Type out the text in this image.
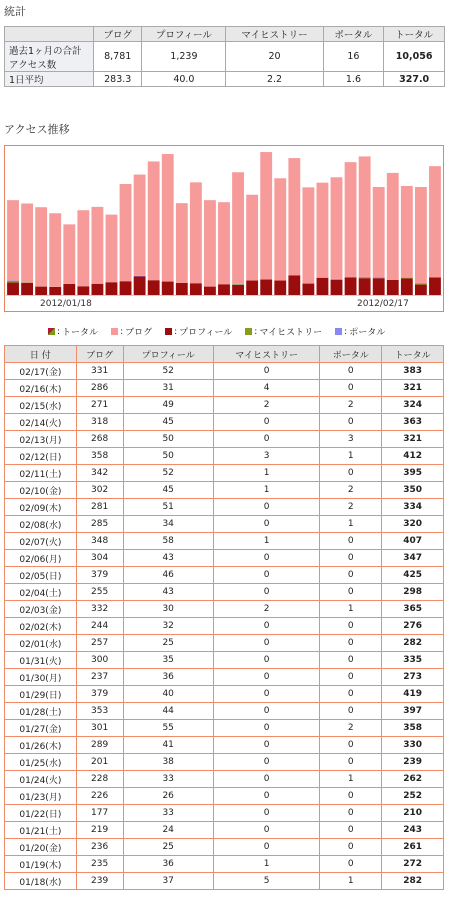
統計
	ブログ	プロフィール	マイヒストリー	ポータル	トータル
過去1ヶ月の合計アクセス数	8,781	1,239	20	16	10,056
1日平均	283.3	40.0	2.2	1.6	327.0
アクセス推移
2012/01/18	2012/02/17
: トータル : ブログ : プロフィール : マイヒストリー : ポータル
日 付	ブログ	プロフィール	マイヒストリー	ポータル	トータル
02/17(金)	331	52	0	0	383
02/16(木)	286	31	4	0	321
02/15(水)	271	49	2	2	324
02/14(火)	318	45	0	0	363
02/13(月)	268	50	0	3	321
02/12(日)	358	50	3	1	412
02/11(土)	342	52	1	0	395
02/10(金)	302	45	1	2	350
02/09(木)	281	51	0	2	334
02/08(水)	285	34	0	1	320
02/07(火)	348	58	1	0	407
02/06(月)	304	43	0	0	347
02/05(日)	379	46	0	0	425
02/04(土)	255	43	0	0	298
02/03(金)	332	30	2	1	365
02/02(木)	244	32	0	0	276
02/01(水)	257	25	0	0	282
01/31(火)	300	35	0	0	335
01/30(月)	237	36	0	0	273
01/29(日)	379	40	0	0	419
01/28(土)	353	44	0	0	397
01/27(金)	301	55	0	2	358
01/26(木)	289	41	0	0	330
01/25(水)	201	38	0	0	239
01/24(火)	228	33	0	1	262
01/23(月)	226	26	0	0	252
01/22(日)	177	33	0	0	210
01/21(土)	219	24	0	0	243
01/20(金)	236	25	0	0	261
01/19(木)	235	36	1	0	272
01/18(水)	239	37	5	1	282
